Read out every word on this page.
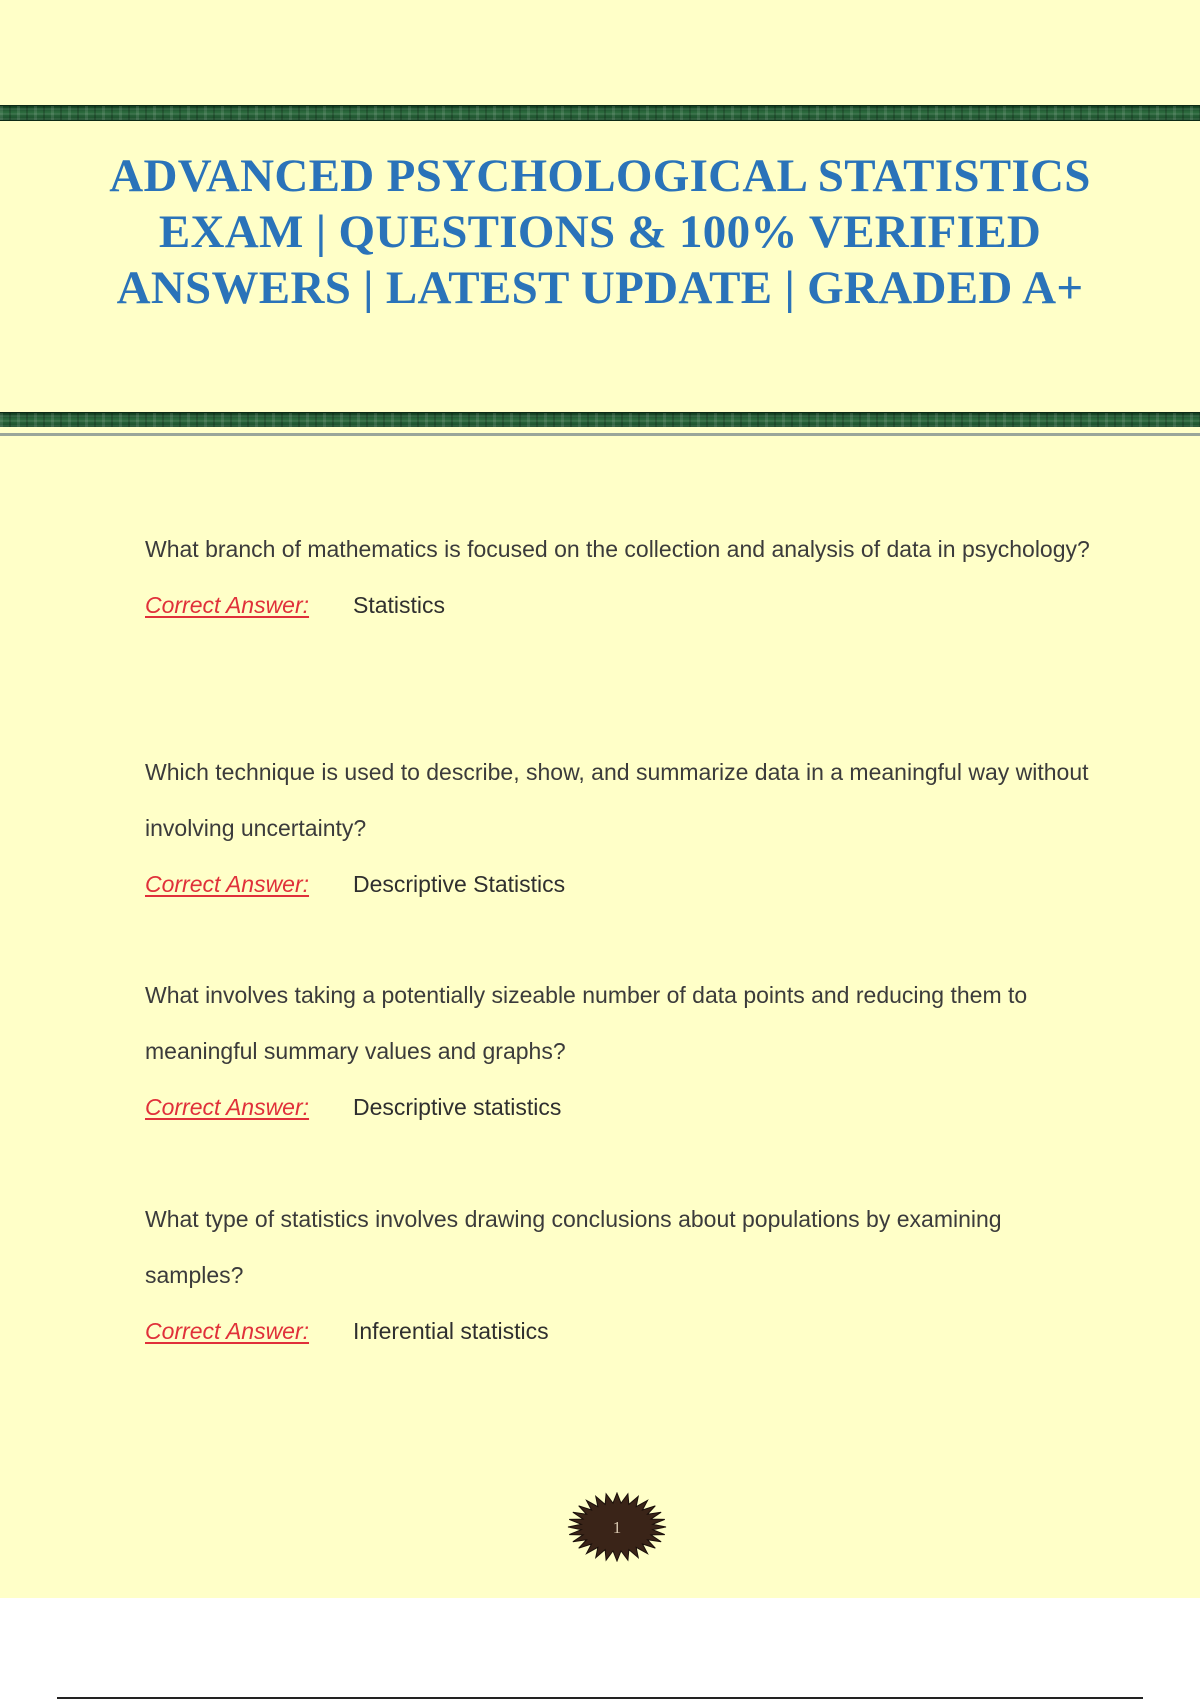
ADVANCED PSYCHOLOGICAL STATISTICS EXAM | QUESTIONS & 100% VERIFIED ANSWERS | LATEST UPDATE | GRADED A+

What branch of mathematics is focused on the collection and analysis of data in psychology?

Correct Answer: Statistics

Which technique is used to describe, show, and summarize data in a meaningful way without involving uncertainty?

Correct Answer: Descriptive Statistics

What involves taking a potentially sizeable number of data points and reducing them to meaningful summary values and graphs?

Correct Answer: Descriptive statistics

What type of statistics involves drawing conclusions about populations by examining samples?

Correct Answer: Inferential statistics

1
